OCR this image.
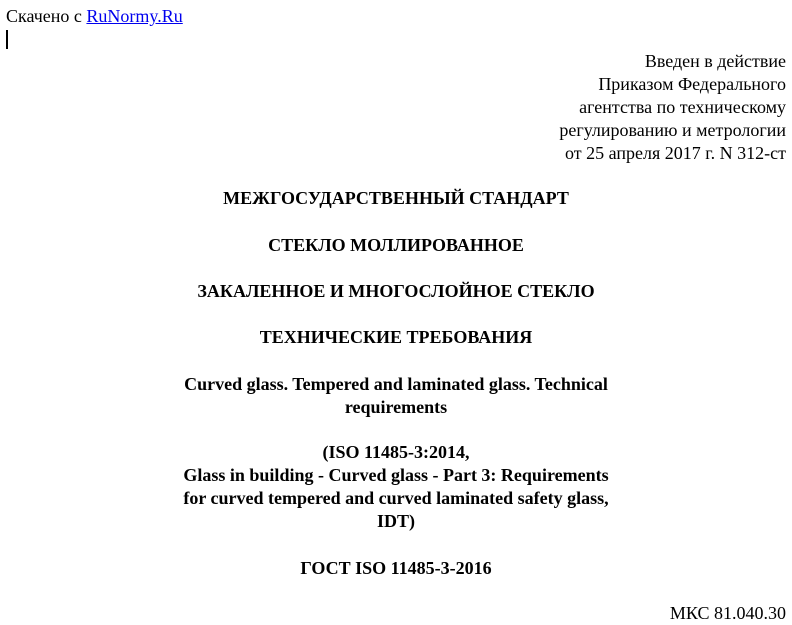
Скачено с RuNormy.Ru
Введен в действие
Приказом Федерального
агентства по техническому
регулированию и метрологии
от 25 апреля 2017 г. N 312-ст
МЕЖГОСУДАРСТВЕННЫЙ СТАНДАРТ
СТЕКЛО МОЛЛИРОВАННОЕ
ЗАКАЛЕННОЕ И МНОГОСЛОЙНОЕ СТЕКЛО
ТЕХНИЧЕСКИЕ ТРЕБОВАНИЯ
Curved glass. Tempered and laminated glass. Technical
requirements
(ISO 11485-3:2014,
Glass in building - Curved glass - Part 3: Requirements
for curved tempered and curved laminated safety glass,
IDT)
ГОСТ ISO 11485-3-2016
МКС 81.040.30
